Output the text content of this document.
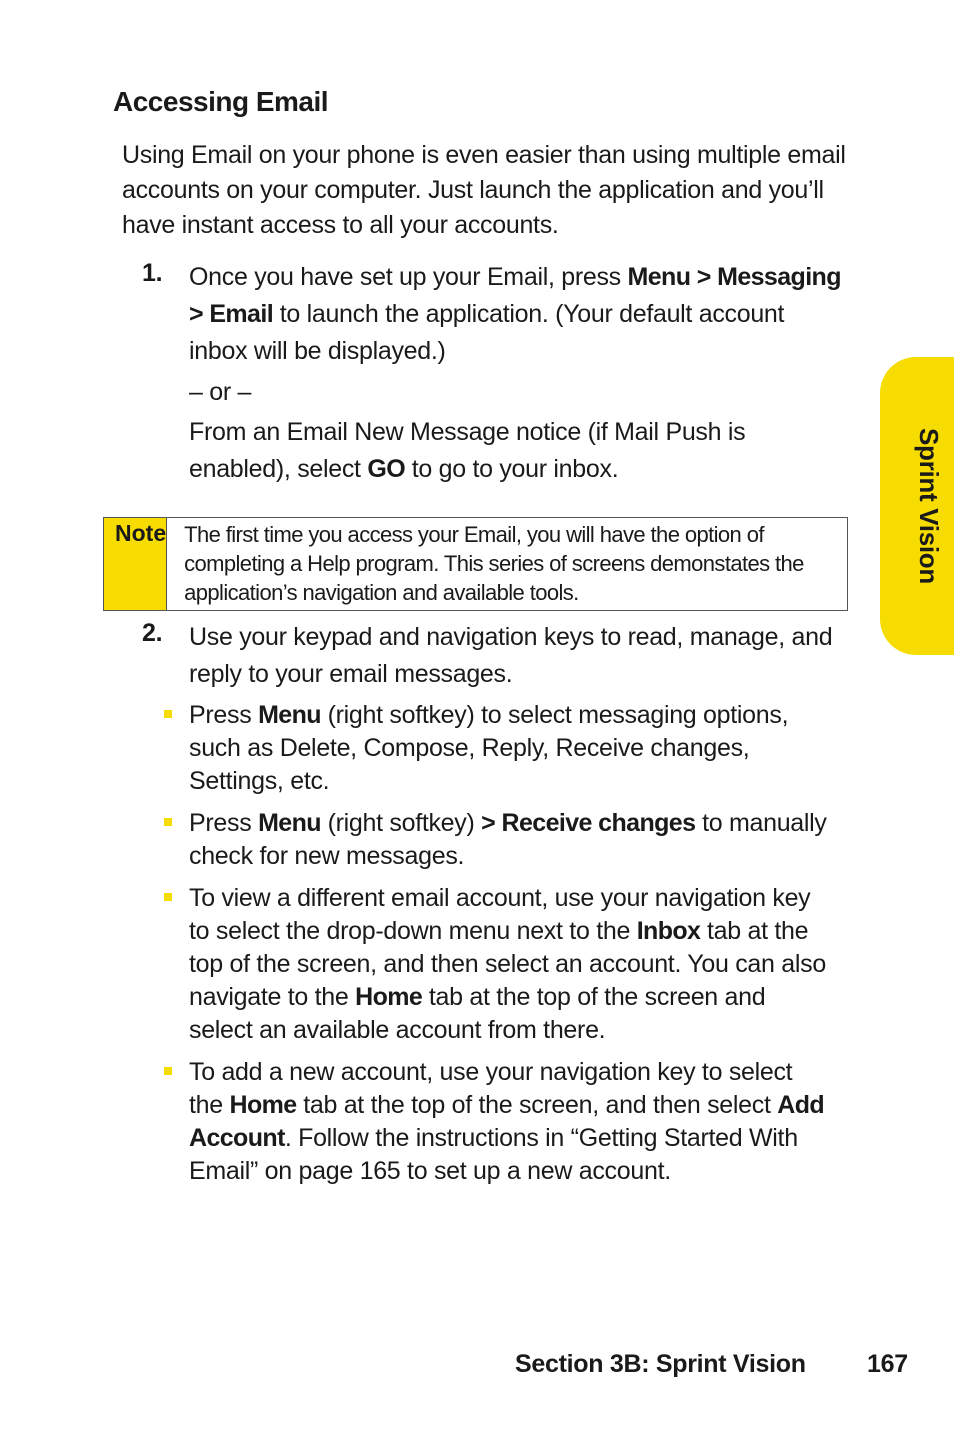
Accessing Email

Using Email on your phone is even easier than using multiple email accounts on your computer. Just launch the application and you’ll have instant access to all your accounts.

1. Once you have set up your Email, press Menu > Messaging > Email to launch the application. (Your default account inbox will be displayed.)

– or –

From an Email New Message notice (if Mail Push is enabled), select GO to go to your inbox.

Note The first time you access your Email, you will have the option of completing a Help program. This series of screens demonstates the application’s navigation and available tools.
2. Use your keypad and navigation keys to read, manage, and reply to your email messages.

Press Menu (right softkey) to select messaging options, such as Delete, Compose, Reply, Receive changes, Settings, etc.
Press Menu (right softkey) > Receive changes to manually check for new messages.
To view a different email account, use your navigation key to select the drop-down menu next to the Inbox tab at the top of the screen, and then select an account. You can also navigate to the Home tab at the top of the screen and select an available account from there.
To add a new account, use your navigation key to select the Home tab at the top of the screen, and then select Add Account. Follow the instructions in “Getting Started With Email” on page 165 to set up a new account.
Sprint Vision
Section 3B: Sprint Vision 167
